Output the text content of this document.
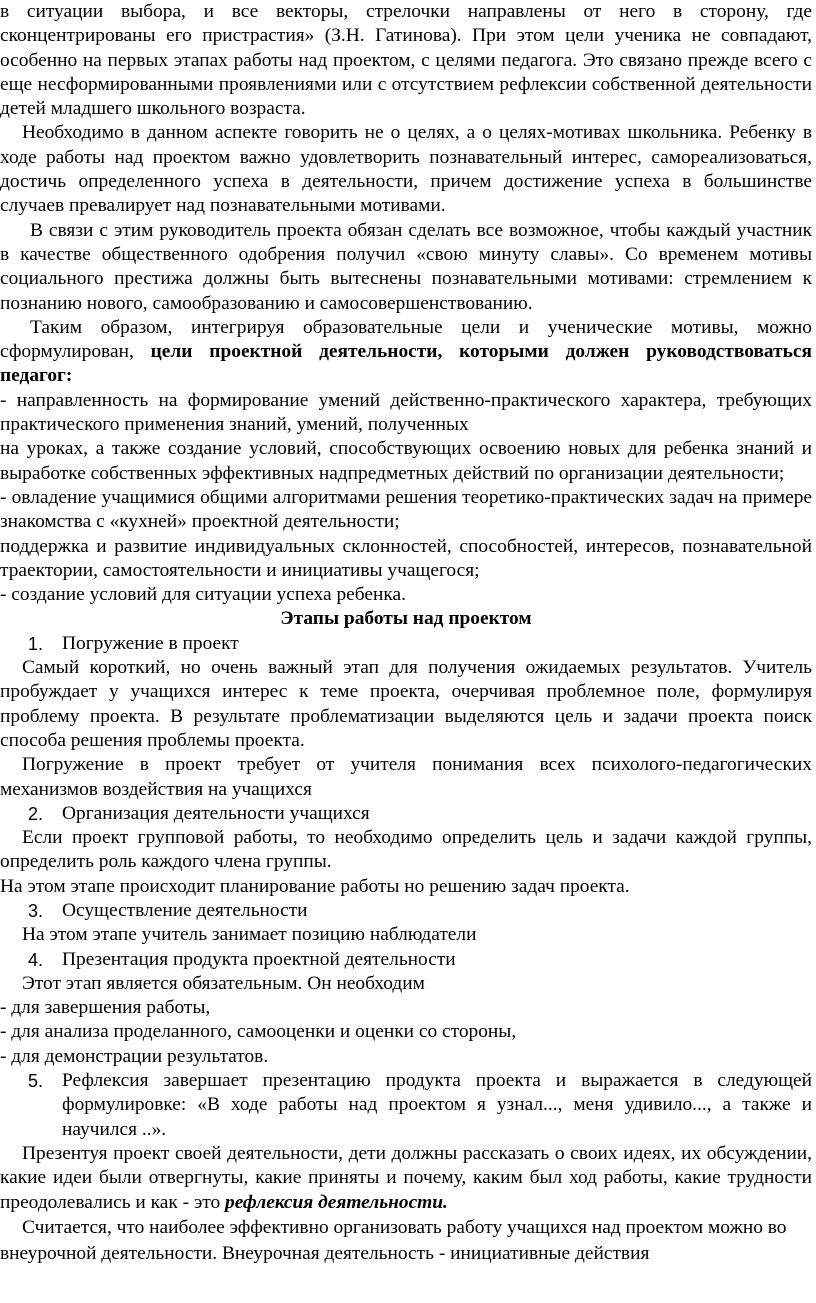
в ситуации выбора, и все векторы, стрелочки направлены от него в сторону, где сконцентрированы его пристрастия» (З.Н. Гатинова). При этом цели ученика не совпадают, особенно на первых этапах работы над проектом, с целями педагога. Это связано прежде всего с еще несформированными проявлениями или с отсутствием рефлексии собственной деятельности детей младшего школьного возраста.

Необходимо в данном аспекте говорить не о целях, а о целях-мотивах школьника. Ребенку в ходе работы над проектом важно удовлетворить познавательный интерес, самореализоваться, достичь определенного успеха в деятельности, причем достижение успеха в большинстве случаев превалирует над познавательными мотивами.

В связи с этим руководитель проекта обязан сделать все возможное, чтобы каждый участник в качестве общественного одобрения получил «свою минуту славы». Со временем мотивы социального престижа должны быть вытеснены познавательными мотивами: стремлением к познанию нового, самообразованию и самосовершенствованию.

Таким образом, интегрируя образовательные цели и ученические мотивы, можно сформулирован, цели проектной деятельности, которыми должен руководствоваться педагог:

- направленность на формирование умений действенно-практического характера, требующих практического применения знаний, умений, полученных

на уроках, а также создание условий, способствующих освоению новых для ребенка знаний и выработке собственных эффективных надпредметных действий по организации деятельности;

- овладение учащимися общими алгоритмами решения теоретико-практических задач на примере знакомства с «кухней» проектной деятельности;

поддержка и развитие индивидуальных склонностей, способностей, интересов, познавательной траектории, самостоятельности и инициативы учащегося;

- создание условий для ситуации успеха ребенка.

Этапы работы над проектом

1. Погружение в проект

Самый короткий, но очень важный этап для получения ожидаемых результатов. Учитель пробуждает у учащихся интерес к теме проекта, очерчивая проблемное поле, формулируя проблему проекта. В результате проблематизации выделяются цель и задачи проекта поиск способа решения проблемы проекта.

Погружение в проект требует от учителя понимания всех психолого-педагогических механизмов воздействия на учащихся

2. Организация деятельности учащихся

Если проект групповой работы, то необходимо определить цель и задачи каждой группы, определить роль каждого члена группы.

На этом этапе происходит планирование работы но решению задач проекта.

3. Осуществление деятельности

На этом этапе учитель занимает позицию наблюдатели

4. Презентация продукта проектной деятельности

Этот этап является обязательным. Он необходим

- для завершения работы,

- для анализа проделанного, самооценки и оценки со стороны,

- для демонстрации результатов.

5. Рефлексия завершает презентацию продукта проекта и выражается в следующей формулировке: «В ходе работы над проектом я узнал..., меня удивило..., а также и научился ..».

Презентуя проект своей деятельности, дети должны рассказать о своих идеях, их обсуждении, какие идеи были отвергнуты, какие приняты и почему, каким был ход работы, какие трудности преодолевались и как - это рефлексия деятельности.

Считается, что наиболее эффективно организовать работу учащихся над проектом можно во внеурочной деятельности. Внеурочная деятельность - инициативные действия
